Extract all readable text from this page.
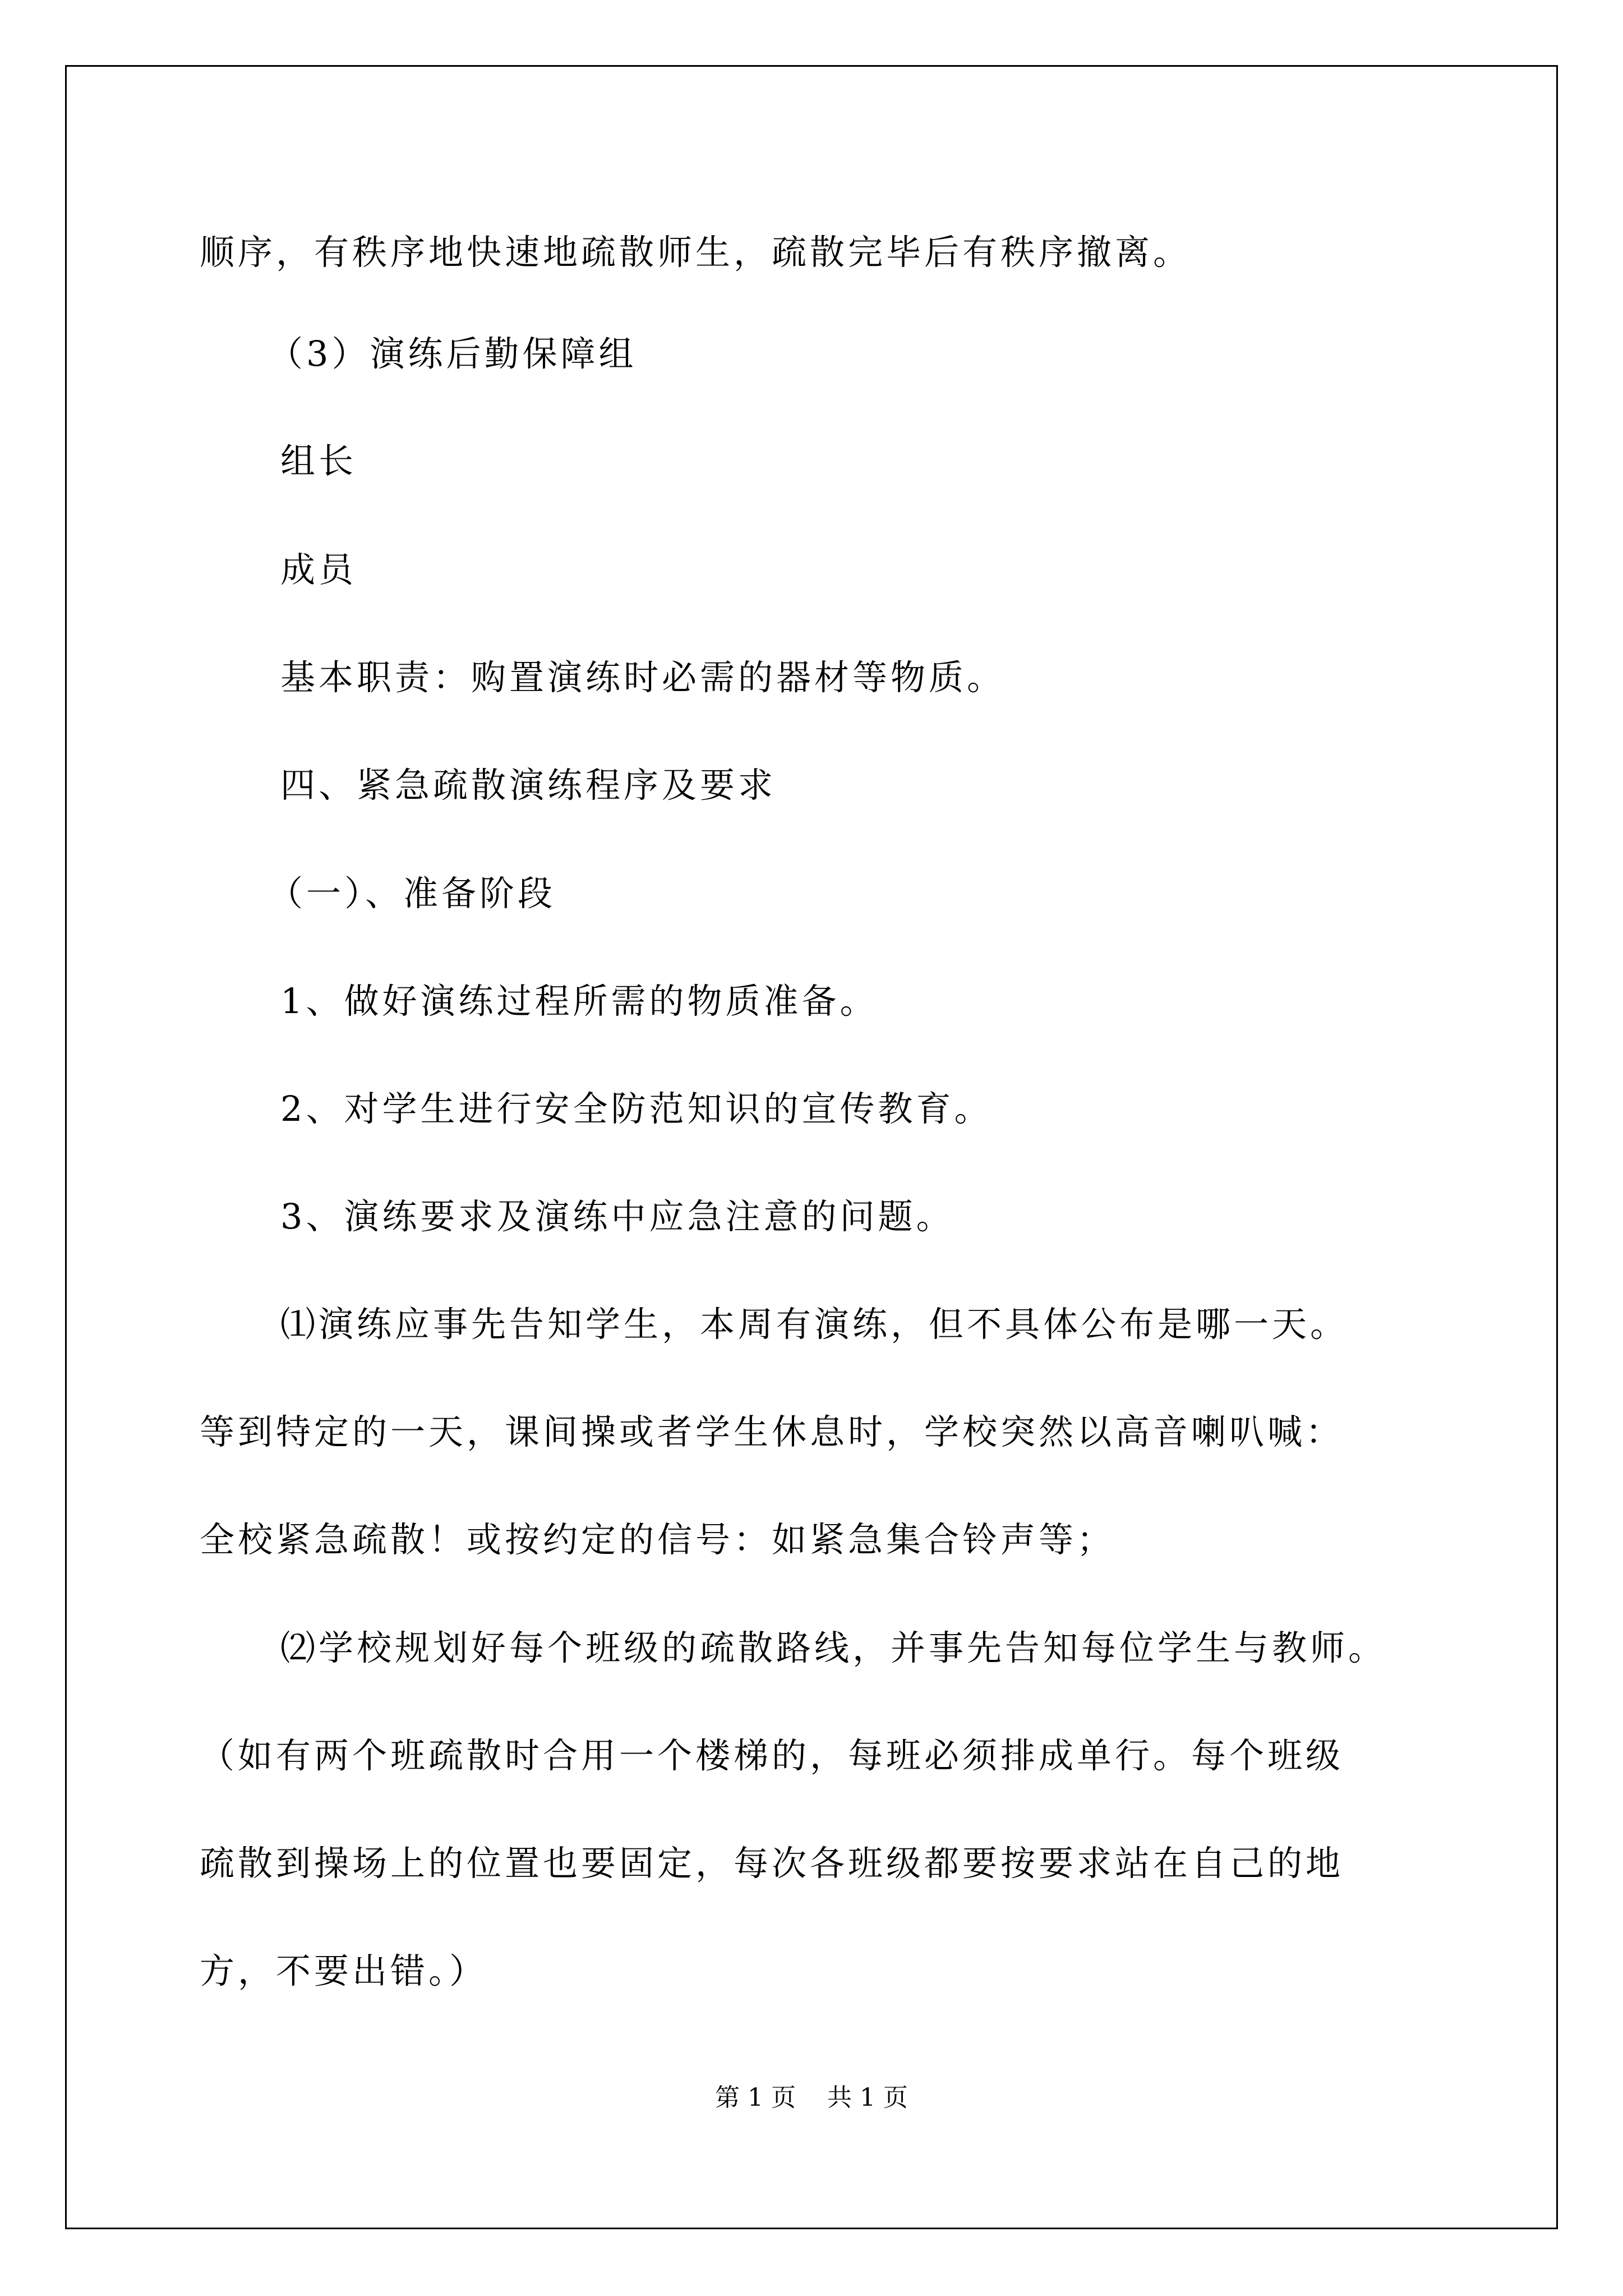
顺序，有秩序地快速地疏散师生，疏散完毕后有秩序撤离。

（3）演练后勤保障组

组长

成员

基本职责：购置演练时必需的器材等物质。

四、紧急疏散演练程序及要求

（一）、准备阶段

1、做好演练过程所需的物质准备。

2、对学生进行安全防范知识的宣传教育。

3、演练要求及演练中应急注意的问题。

⑴演练应事先告知学生，本周有演练，但不具体公布是哪一天。

等到特定的一天，课间操或者学生休息时，学校突然以高音喇叭喊：

全校紧急疏散！或按约定的信号：如紧急集合铃声等；

⑵学校规划好每个班级的疏散路线，并事先告知每位学生与教师。

（如有两个班疏散时合用一个楼梯的，每班必须排成单行。每个班级

疏散到操场上的位置也要固定，每次各班级都要按要求站在自己的地

方，不要出错。）

第 1 页    共 1 页
